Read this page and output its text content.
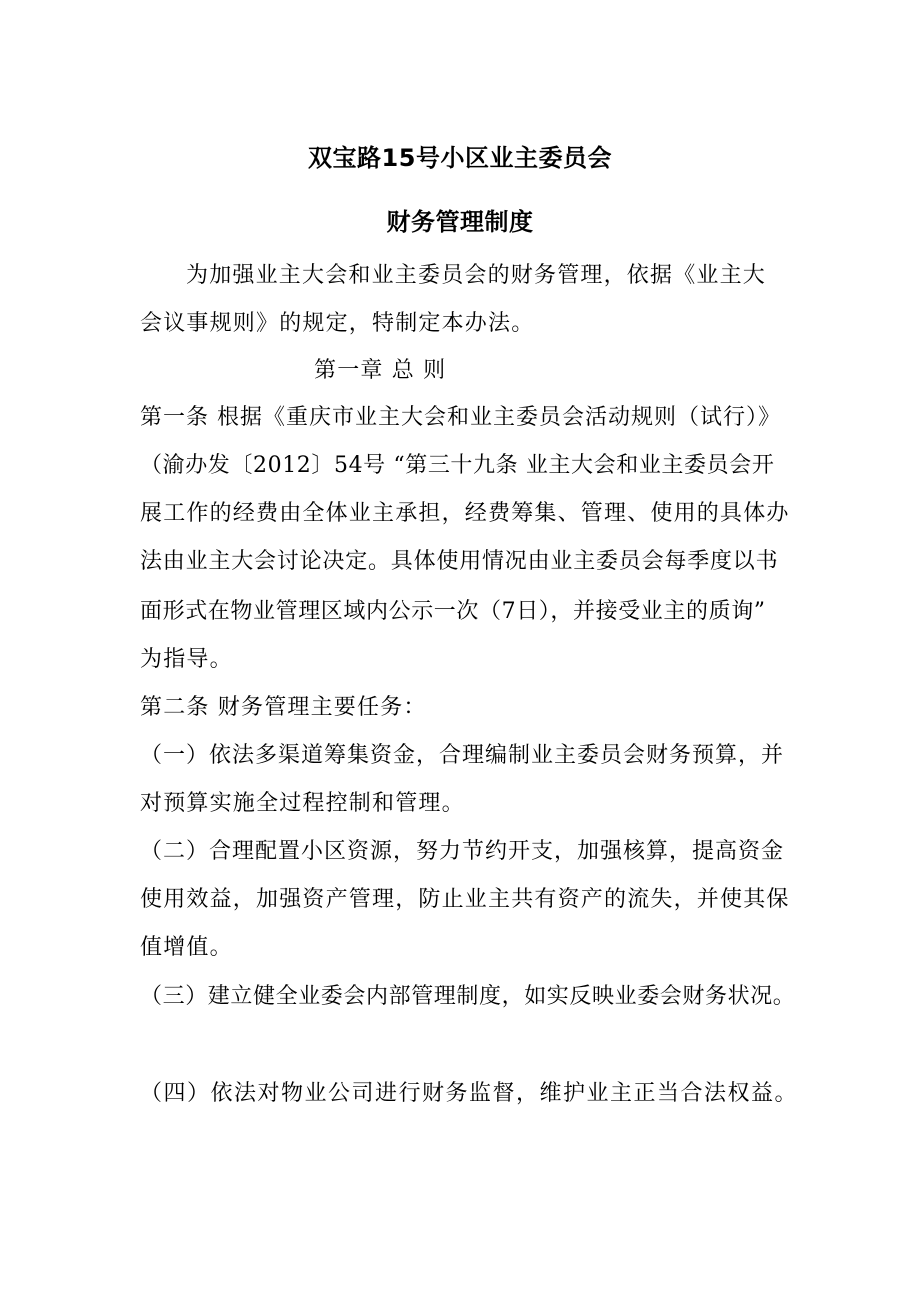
双宝路15号小区业主委员会
财务管理制度
为加强业主大会和业主委员会的财务管理，依据《业主大
会议事规则》的规定，特制定本办法。
第一章 总 则
第一条 根据《重庆市业主大会和业主委员会活动规则（试行）》
（渝办发〔2012〕54号 “第三十九条 业主大会和业主委员会开
展工作的经费由全体业主承担，经费筹集、管理、使用的具体办
法由业主大会讨论决定。具体使用情况由业主委员会每季度以书
面形式在物业管理区域内公示一次（7日），并接受业主的质询”
为指导。
第二条 财务管理主要任务：
（一）依法多渠道筹集资金，合理编制业主委员会财务预算，并
对预算实施全过程控制和管理。
（二）合理配置小区资源，努力节约开支，加强核算，提高资金
使用效益，加强资产管理，防止业主共有资产的流失，并使其保
值增值。
（三）建立健全业委会内部管理制度，如实反映业委会财务状况。
（四）依法对物业公司进行财务监督，维护业主正当合法权益。
